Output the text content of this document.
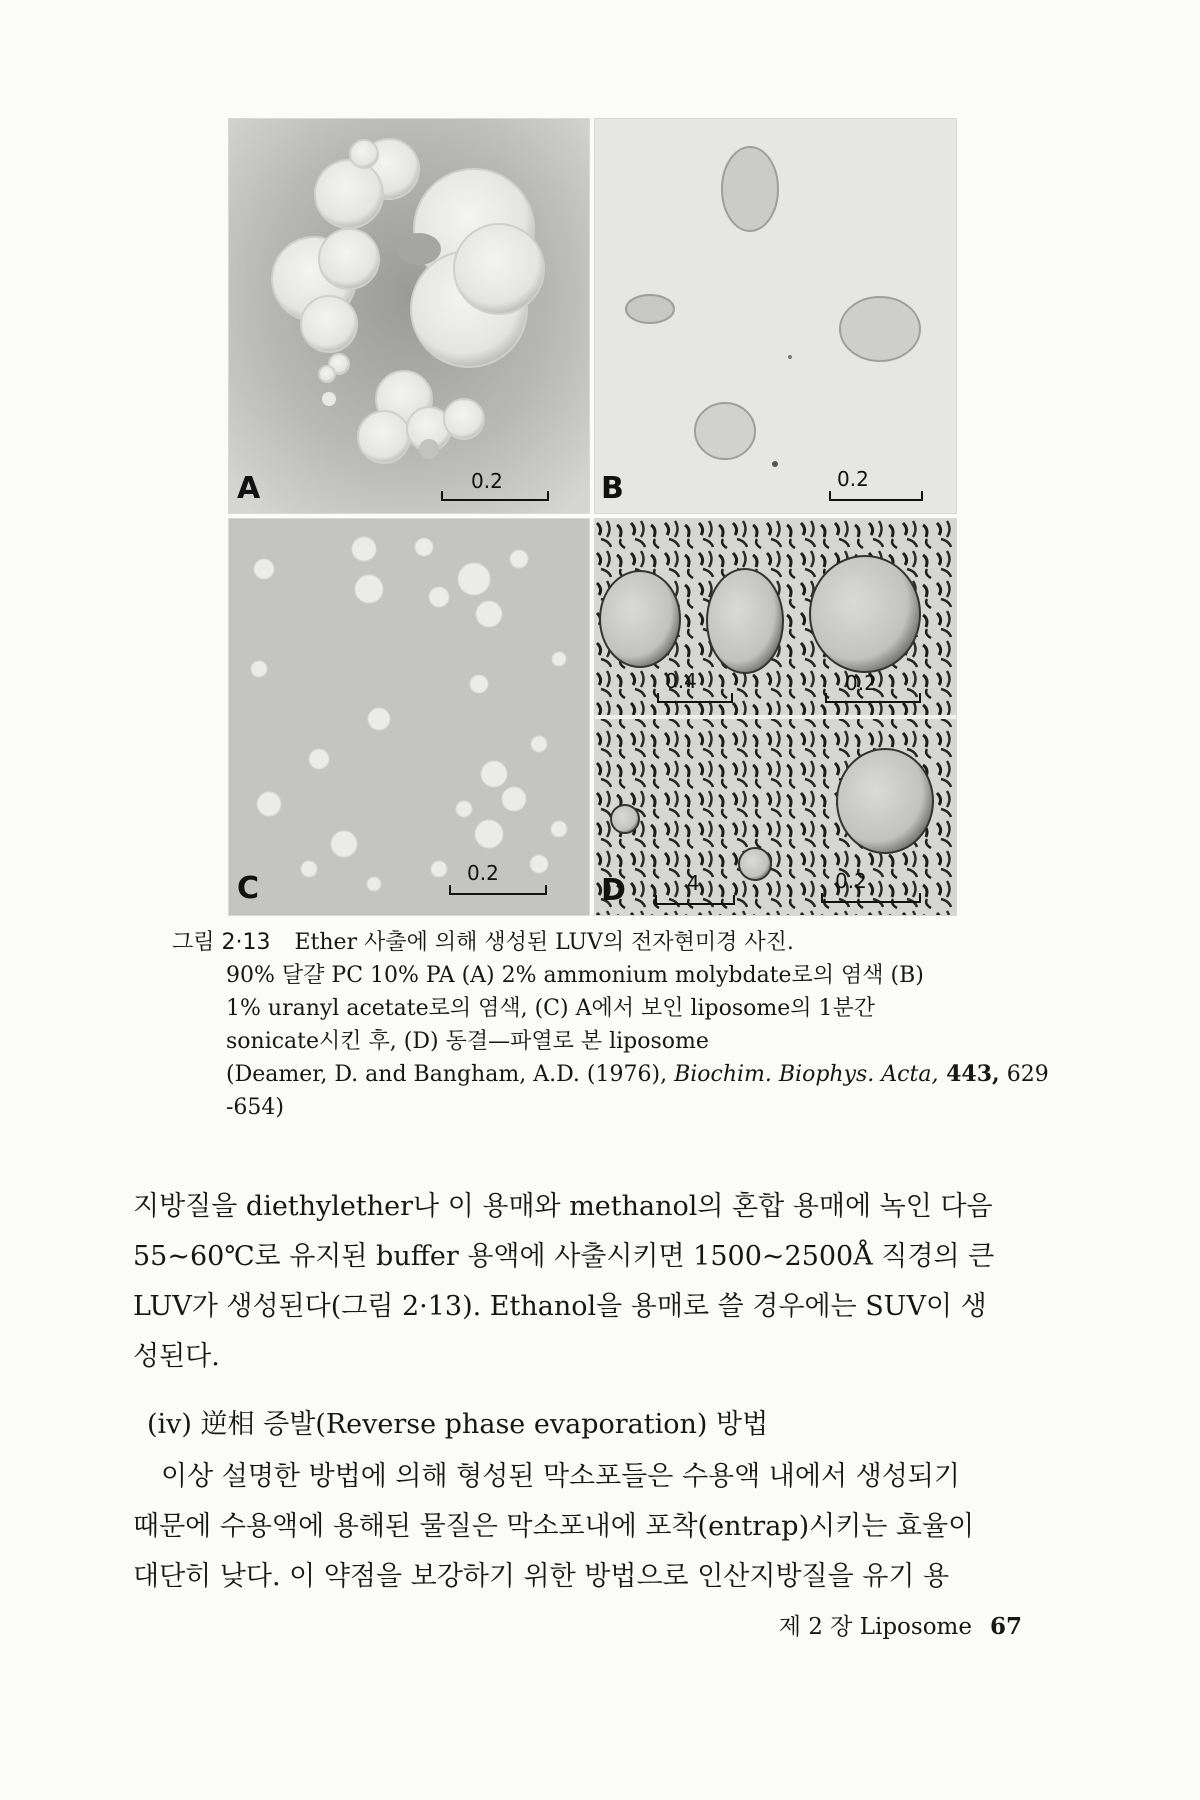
A	0.2	B	0.2
C	0.2
0.4	0.2
4	0.2
D
그림 2·13 Ether 사출에 의해 생성된 LUV의 전자현미경 사진.
90% 달걀 PC 10% PA (A) 2% ammonium molybdate로의 염색 (B)
1% uranyl acetate로의 염색, (C) A에서 보인 liposome의 1분간
sonicate시킨 후, (D) 동결—파열로 본 liposome
(Deamer, D. and Bangham, A.D. (1976), Biochim. Biophys. Acta, 443, 629
-654)
지방질을 diethylether나 이 용매와 methanol의 혼합 용매에 녹인 다음
55~60℃로 유지된 buffer 용액에 사출시키면 1500~2500Å 직경의 큰
LUV가 생성된다(그림 2·13). Ethanol을 용매로 쓸 경우에는 SUV이 생
성된다.
(iv) 逆相 증발(Reverse phase evaporation) 방법
이상 설명한 방법에 의해 형성된 막소포들은 수용액 내에서 생성되기
때문에 수용액에 용해된 물질은 막소포내에 포착(entrap)시키는 효율이
대단히 낮다. 이 약점을 보강하기 위한 방법으로 인산지방질을 유기 용
제 2 장 Liposome 67
